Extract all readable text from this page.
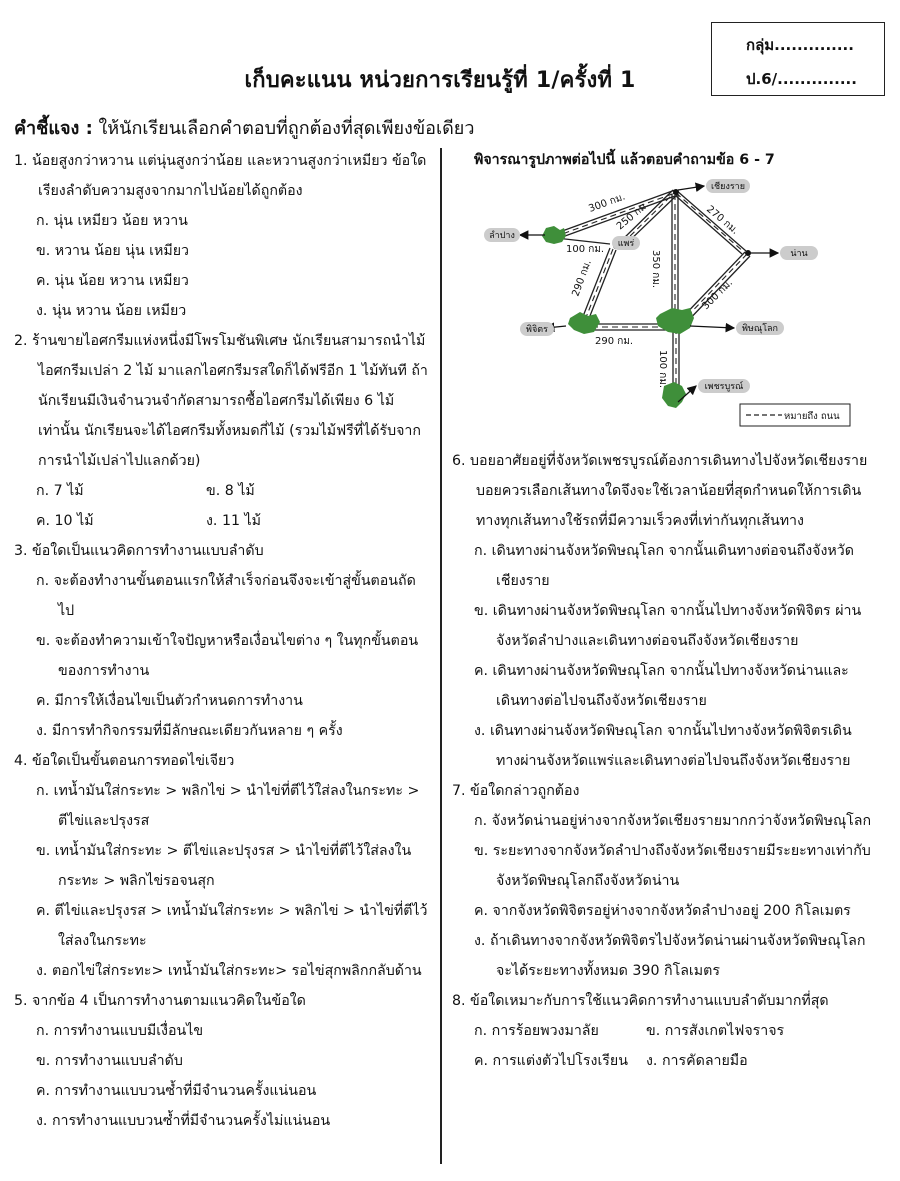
กลุ่ม..............
ป.6/..............
เก็บคะแนน หน่วยการเรียนรู้ที่ 1/ครั้งที่ 1
คำชี้แจง : ให้นักเรียนเลือกคำตอบที่ถูกต้องที่สุดเพียงข้อเดียว
1. น้อยสูงกว่าหวาน แต่นุ่นสูงกว่าน้อย และหวานสูงกว่าเหมียว ข้อใดเรียงลำดับความสูงจากมากไปน้อยได้ถูกต้อง
ก. นุ่น เหมียว น้อย หวาน
ข. หวาน น้อย นุ่น เหมียว
ค. นุ่น น้อย หวาน เหมียว
ง. นุ่น หวาน น้อย เหมียว
2. ร้านขายไอศกรีมแห่งหนึ่งมีโพรโมชันพิเศษ นักเรียนสามารถนำไม้ไอศกรีมเปล่า 2 ไม้ มาแลกไอศกรีมรสใดก็ได้ฟรีอีก 1 ไม้ทันที ถ้านักเรียนมีเงินจำนวนจำกัดสามารถซื้อไอศกรีมได้เพียง 6 ไม้เท่านั้น นักเรียนจะได้ไอศกรีมทั้งหมดกี่ไม้ (รวมไม้ฟรีที่ได้รับจากการนำไม้เปล่าไปแลกด้วย)
ก. 7 ไม้	ข. 8 ไม้
ค. 10 ไม้	ง. 11 ไม้
3. ข้อใดเป็นแนวคิดการทำงานแบบลำดับ
ก. จะต้องทำงานขั้นตอนแรกให้สำเร็จก่อนจึงจะเข้าสู่ขั้นตอนถัดไป
ข. จะต้องทำความเข้าใจปัญหาหรือเงื่อนไขต่าง ๆ ในทุกขั้นตอนของการทำงาน
ค. มีการให้เงื่อนไขเป็นตัวกำหนดการทำงาน
ง. มีการทำกิจกรรมที่มีลักษณะเดียวกันหลาย ๆ ครั้ง
4. ข้อใดเป็นขั้นตอนการทอดไข่เจียว
ก. เทน้ำมันใส่กระทะ > พลิกไข่ > นำไข่ที่ตีไว้ใส่ลงในกระทะ > ตีไข่และปรุงรส
ข. เทน้ำมันใส่กระทะ > ตีไข่และปรุงรส > นำไข่ที่ตีไว้ใส่ลงในกระทะ > พลิกไข่รอจนสุก
ค. ตีไข่และปรุงรส > เทน้ำมันใส่กระทะ > พลิกไข่ > นำไข่ที่ตีไว้ใส่ลงในกระทะ
ง. ตอกไข่ใส่กระทะ> เทน้ำมันใส่กระทะ> รอไข่สุกพลิกกลับด้าน
5. จากข้อ 4 เป็นการทำงานตามแนวคิดในข้อใด
ก. การทำงานแบบมีเงื่อนไข
ข. การทำงานแบบลำดับ
ค. การทำงานแบบวนซ้ำที่มีจำนวนครั้งแน่นอน
ง. การทำงานแบบวนซ้ำที่มีจำนวนครั้งไม่แน่นอน
พิจารณารูปภาพต่อไปนี้ แล้วตอบคำถามข้อ 6 - 7
เชียงราย
น่าน
ลำปาง
แพร่
พิจิตร	พิษณุโลก
เพชรบูรณ์
300 กม.
250 กม.	270 กม.
100 กม.
350 กม.
290 กม.	300 กม.
290 กม.
100 กม.
หมายถึง ถนน
6. บอยอาศัยอยู่ที่จังหวัดเพชรบูรณ์ต้องการเดินทางไปจังหวัดเชียงราย บอยควรเลือกเส้นทางใดจึงจะใช้เวลาน้อยที่สุดกำหนดให้การเดินทางทุกเส้นทางใช้รถที่มีความเร็วคงที่เท่ากันทุกเส้นทาง
ก. เดินทางผ่านจังหวัดพิษณุโลก จากนั้นเดินทางต่อจนถึงจังหวัดเชียงราย
ข. เดินทางผ่านจังหวัดพิษณุโลก จากนั้นไปทางจังหวัดพิจิตร ผ่านจังหวัดลำปางและเดินทางต่อจนถึงจังหวัดเชียงราย
ค. เดินทางผ่านจังหวัดพิษณุโลก จากนั้นไปทางจังหวัดน่านและเดินทางต่อไปจนถึงจังหวัดเชียงราย
ง. เดินทางผ่านจังหวัดพิษณุโลก จากนั้นไปทางจังหวัดพิจิตรเดินทางผ่านจังหวัดแพร่และเดินทางต่อไปจนถึงจังหวัดเชียงราย
7. ข้อใดกล่าวถูกต้อง
ก. จังหวัดน่านอยู่ห่างจากจังหวัดเชียงรายมากกว่าจังหวัดพิษณุโลก
ข. ระยะทางจากจังหวัดลำปางถึงจังหวัดเชียงรายมีระยะทางเท่ากับจังหวัดพิษณุโลกถึงจังหวัดน่าน
ค. จากจังหวัดพิจิตรอยู่ห่างจากจังหวัดลำปางอยู่ 200 กิโลเมตร
ง. ถ้าเดินทางจากจังหวัดพิจิตรไปจังหวัดน่านผ่านจังหวัดพิษณุโลกจะได้ระยะทางทั้งหมด 390 กิโลเมตร
8. ข้อใดเหมาะกับการใช้แนวคิดการทำงานแบบลำดับมากที่สุด
ก. การร้อยพวงมาลัย	ข. การสังเกตไฟจราจร
ค. การแต่งตัวไปโรงเรียน	ง. การคัดลายมือ
